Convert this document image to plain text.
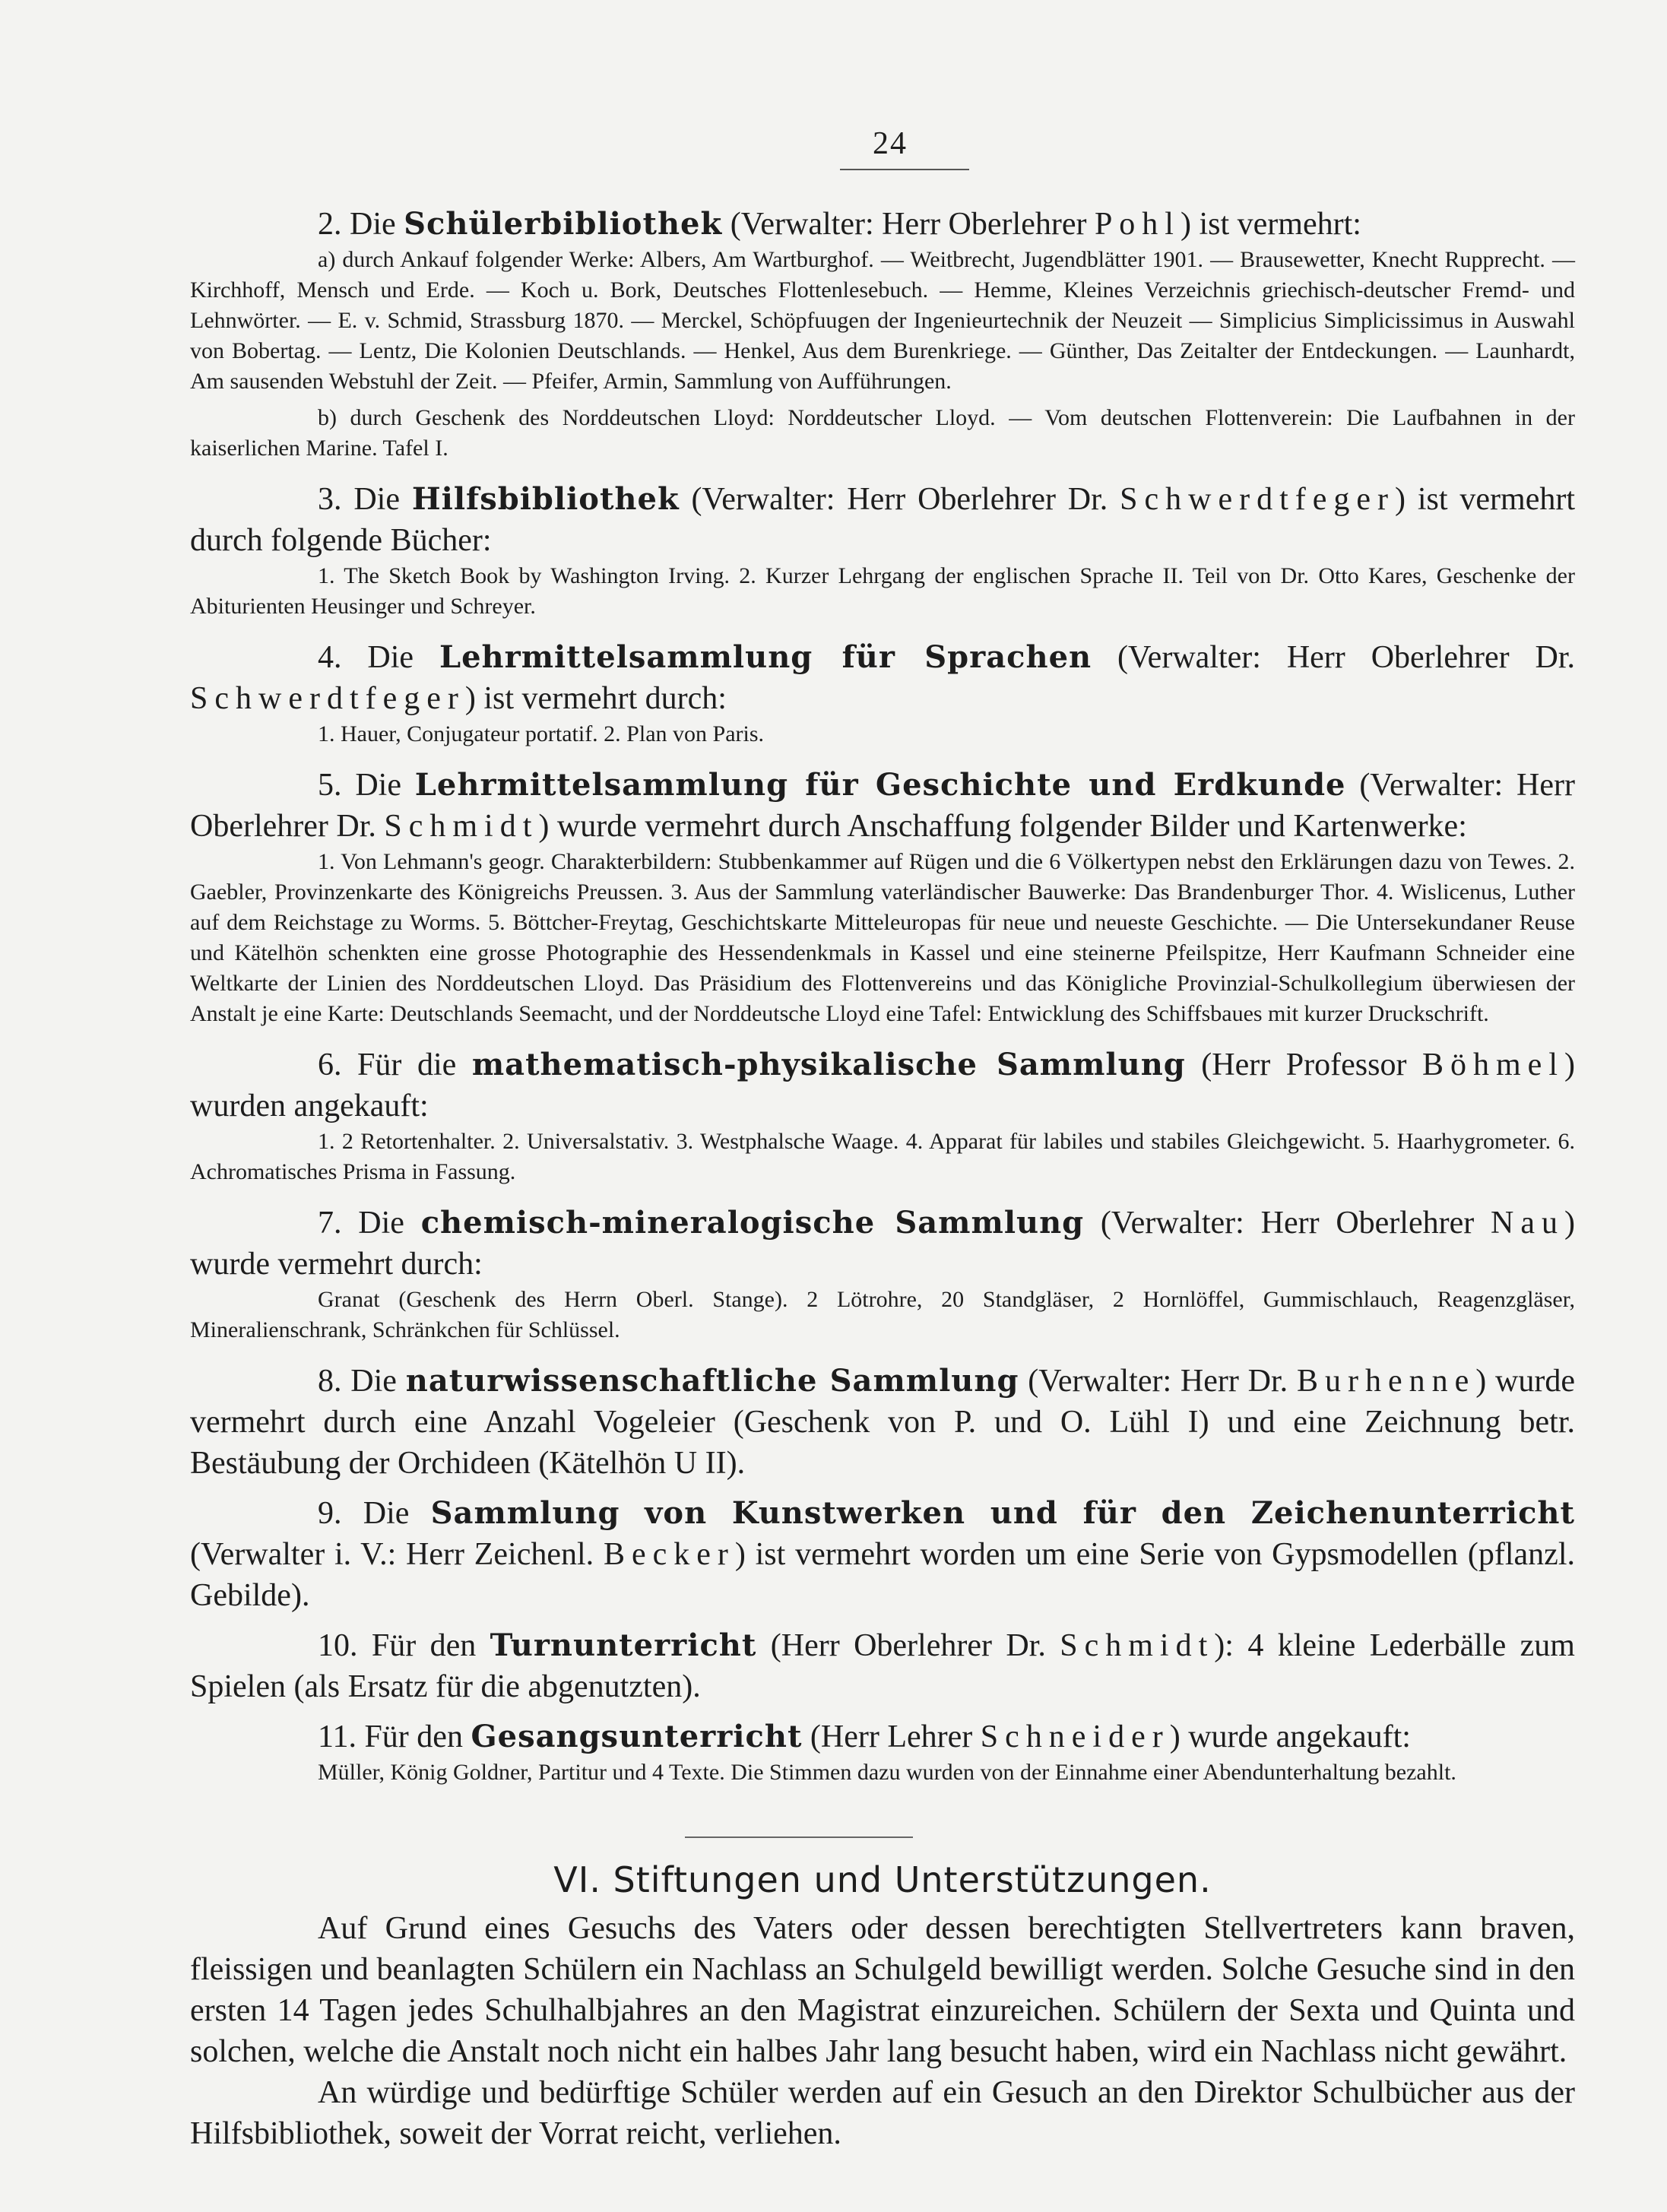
24

2. Die Schülerbibliothek (Verwalter: Herr Oberlehrer Pohl) ist vermehrt:

a) durch Ankauf folgender Werke: Albers, Am Wartburghof. — Weitbrecht, Jugendblätter 1901. — Brausewetter, Knecht Rupprecht. — Kirchhoff, Mensch und Erde. — Koch u. Bork, Deutsches Flottenlesebuch. — Hemme, Kleines Verzeichnis griechisch-deutscher Fremd- und Lehnwörter. — E. v. Schmid, Strassburg 1870. — Merckel, Schöpfuugen der Ingenieurtechnik der Neuzeit — Simplicius Simplicissimus in Auswahl von Bobertag. — Lentz, Die Kolonien Deutschlands. — Henkel, Aus dem Burenkriege. — Günther, Das Zeitalter der Entdeckungen. — Launhardt, Am sausenden Webstuhl der Zeit. — Pfeifer, Armin, Sammlung von Aufführungen.

b) durch Geschenk des Norddeutschen Lloyd: Norddeutscher Lloyd. — Vom deutschen Flottenverein: Die Laufbahnen in der kaiserlichen Marine. Tafel I.

3. Die Hilfsbibliothek (Verwalter: Herr Oberlehrer Dr. Schwerdtfeger) ist vermehrt durch folgende Bücher:

1. The Sketch Book by Washington Irving. 2. Kurzer Lehrgang der englischen Sprache II. Teil von Dr. Otto Kares, Geschenke der Abiturienten Heusinger und Schreyer.

4. Die Lehrmittelsammlung für Sprachen (Verwalter: Herr Oberlehrer Dr. Schwerdtfeger) ist vermehrt durch:

1. Hauer, Conjugateur portatif. 2. Plan von Paris.

5. Die Lehrmittelsammlung für Geschichte und Erdkunde (Verwalter: Herr Oberlehrer Dr. Schmidt) wurde vermehrt durch Anschaffung folgender Bilder und Kartenwerke:

1. Von Lehmann's geogr. Charakterbildern: Stubbenkammer auf Rügen und die 6 Völkertypen nebst den Erklärungen dazu von Tewes. 2. Gaebler, Provinzenkarte des Königreichs Preussen. 3. Aus der Sammlung vaterländischer Bauwerke: Das Brandenburger Thor. 4. Wislicenus, Luther auf dem Reichstage zu Worms. 5. Böttcher-Freytag, Geschichtskarte Mitteleuropas für neue und neueste Geschichte. — Die Untersekundaner Reuse und Kätelhön schenkten eine grosse Photographie des Hessendenkmals in Kassel und eine steinerne Pfeilspitze, Herr Kaufmann Schneider eine Weltkarte der Linien des Norddeutschen Lloyd. Das Präsidium des Flottenvereins und das Königliche Provinzial-Schulkollegium überwiesen der Anstalt je eine Karte: Deutschlands Seemacht, und der Norddeutsche Lloyd eine Tafel: Entwicklung des Schiffsbaues mit kurzer Druckschrift.

6. Für die mathematisch-physikalische Sammlung (Herr Professor Böhmel) wurden angekauft:

1. 2 Retortenhalter. 2. Universalstativ. 3. Westphalsche Waage. 4. Apparat für labiles und stabiles Gleichgewicht. 5. Haarhygrometer. 6. Achromatisches Prisma in Fassung.

7. Die chemisch-mineralogische Sammlung (Verwalter: Herr Oberlehrer Nau) wurde vermehrt durch:

Granat (Geschenk des Herrn Oberl. Stange). 2 Lötrohre, 20 Standgläser, 2 Hornlöffel, Gummischlauch, Reagenzgläser, Mineralienschrank, Schränkchen für Schlüssel.

8. Die naturwissenschaftliche Sammlung (Verwalter: Herr Dr. Burhenne) wurde vermehrt durch eine Anzahl Vogeleier (Geschenk von P. und O. Lühl I) und eine Zeichnung betr. Bestäubung der Orchideen (Kätelhön U II).

9. Die Sammlung von Kunstwerken und für den Zeichenunterricht (Verwalter i. V.: Herr Zeichenl. Becker) ist vermehrt worden um eine Serie von Gypsmodellen (pflanzl. Gebilde).

10. Für den Turnunterricht (Herr Oberlehrer Dr. Schmidt): 4 kleine Lederbälle zum Spielen (als Ersatz für die abgenutzten).

11. Für den Gesangsunterricht (Herr Lehrer Schneider) wurde angekauft:

Müller, König Goldner, Partitur und 4 Texte. Die Stimmen dazu wurden von der Einnahme einer Abendunterhaltung bezahlt.

VI. Stiftungen und Unterstützungen.

Auf Grund eines Gesuchs des Vaters oder dessen berechtigten Stellvertreters kann braven, fleissigen und beanlagten Schülern ein Nachlass an Schulgeld bewilligt werden. Solche Gesuche sind in den ersten 14 Tagen jedes Schulhalbjahres an den Magistrat einzureichen. Schülern der Sexta und Quinta und solchen, welche die Anstalt noch nicht ein halbes Jahr lang besucht haben, wird ein Nachlass nicht gewährt.

An würdige und bedürftige Schüler werden auf ein Gesuch an den Direktor Schulbücher aus der Hilfsbibliothek, soweit der Vorrat reicht, verliehen.
